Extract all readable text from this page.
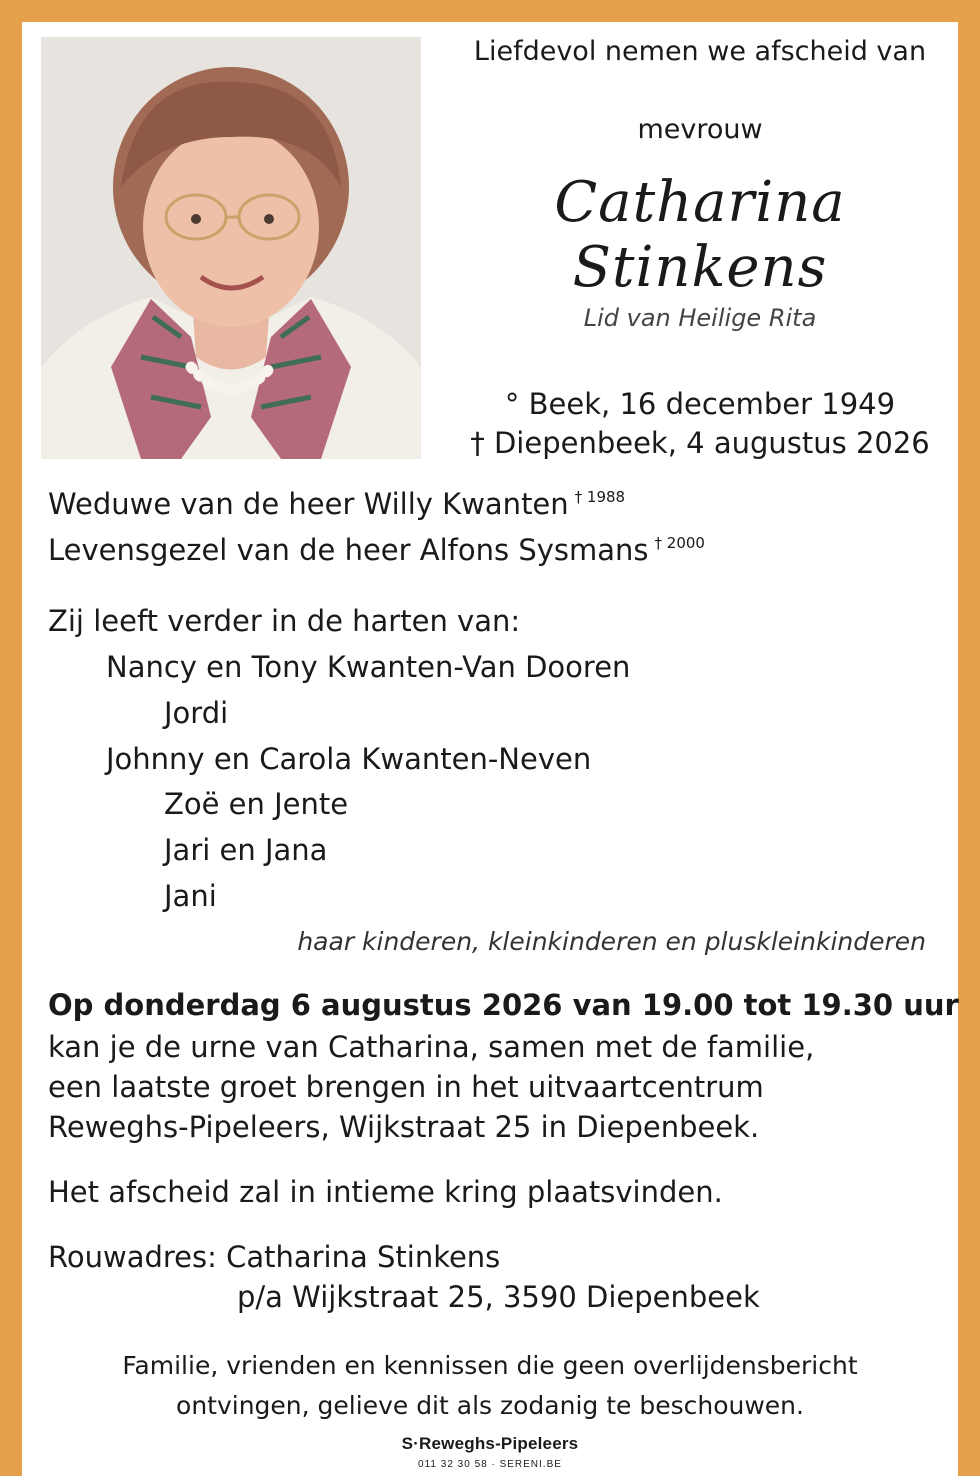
Liefdevol nemen we afscheid van
mevrouw
Catharina Stinkens
Lid van Heilige Rita
° Beek, 16 december 1949
† Diepenbeek, 4 augustus 2026
Weduwe van de heer Willy Kwanten $^{\dagger 1988}$
Levensgezel van de heer Alfons Sysmans $^{\dagger 2000}$
Zij leeft verder in de harten van:
Nancy en Tony Kwanten-Van Dooren
Jordi
Johnny en Carola Kwanten-Neven
Zoë en Jente
Jari en Jana
Jani
haar kinderen, kleinkinderen en pluskleinkinderen
Op donderdag 6 augustus 2026 van 19.00 tot 19.30 uur
kan je de urne van Catharina, samen met de familie,
een laatste groet brengen in het uitvaartcentrum
Reweghs-Pipeleers, Wijkstraat 25 in Diepenbeek.
Het afscheid zal in intieme kring plaatsvinden.
Rouwadres: Catharina Stinkens
p/a Wijkstraat 25, 3590 Diepenbeek
Familie, vrienden en kennissen die geen overlijdensbericht
ontvingen, gelieve dit als zodanig te beschouwen.
S·Reweghs-Pipeleers
011 32 30 58 · SERENI.BE
